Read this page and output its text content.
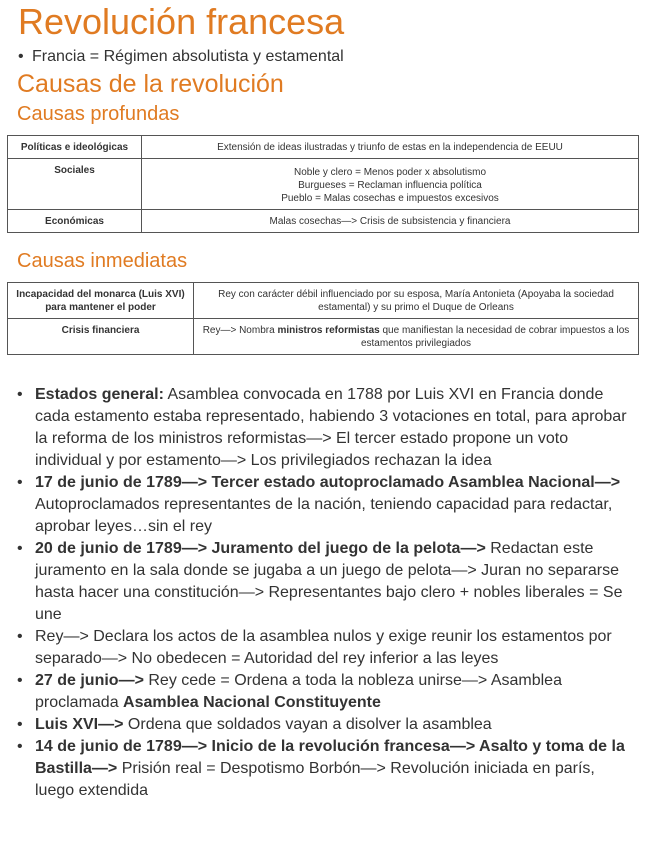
Revolución francesa
• Francia = Régimen absolutista y estamental
Causas de la revolución
Causas profundas
Políticas e ideológicas	Extensión de ideas ilustradas y triunfo de estas en la independencia de EEUU
Sociales	Noble y clero = Menos poder x absolutismo
Burgueses = Reclaman influencia política
Pueblo = Malas cosechas e impuestos excesivos

Económicas	Malas cosechas—> Crisis de subsistencia y financiera
Causas inmediatas
Incapacidad del monarca (Luis XVI) para mantener el poder	Rey con carácter débil influenciado por su esposa, María Antonieta (Apoyaba la sociedad estamental) y su primo el Duque de Orleans
Crisis financiera	Rey—> Nombra ministros reformistas que manifiestan la necesidad de cobrar impuestos a los estamentos privilegiados
• Estados general: Asamblea convocada en 1788 por Luis XVI en Francia donde cada estamento estaba representado, habiendo 3 votaciones en total, para aprobar la reforma de los ministros reformistas—> El tercer estado propone un voto individual y por estamento—> Los privilegiados rechazan la idea
• 17 de junio de 1789—> Tercer estado autoproclamado Asamblea Nacional—> Autoproclamados representantes de la nación, teniendo capacidad para redactar, aprobar leyes…sin el rey
• 20 de junio de 1789—> Juramento del juego de la pelota—> Redactan este juramento en la sala donde se jugaba a un juego de pelota—> Juran no separarse hasta hacer una constitución—> Representantes bajo clero + nobles liberales = Se une
• Rey—> Declara los actos de la asamblea nulos y exige reunir los estamentos por separado—> No obedecen = Autoridad del rey inferior a las leyes
• 27 de junio—> Rey cede = Ordena a toda la nobleza unirse—> Asamblea proclamada Asamblea Nacional Constituyente
• Luis XVI—> Ordena que soldados vayan a disolver la asamblea
• 14 de junio de 1789—> Inicio de la revolución francesa—> Asalto y toma de la Bastilla—> Prisión real = Despotismo Borbón—> Revolución iniciada en parís, luego extendida
